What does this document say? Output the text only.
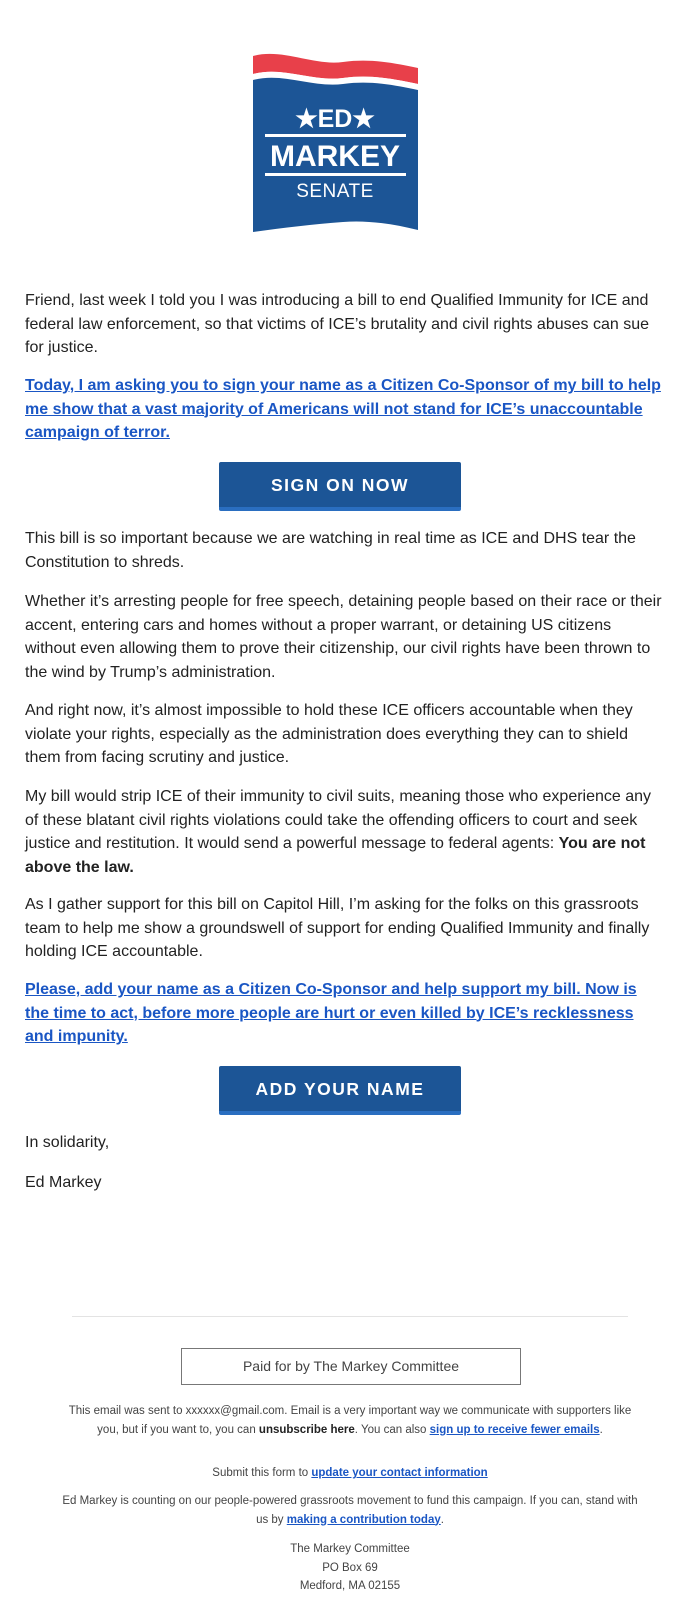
★ED★
MARKEY
SENATE

Friend, last week I told you I was introducing a bill to end Qualified Immunity for ICE and federal law enforcement, so that victims of ICE’s brutality and civil rights abuses can sue for justice.

Today, I am asking you to sign your name as a Citizen Co-Sponsor of my bill to help me show that a vast majority of Americans will not stand for ICE’s unaccountable campaign of terror.
SIGN ON NOW

This bill is so important because we are watching in real time as ICE and DHS tear the Constitution to shreds.

Whether it’s arresting people for free speech, detaining people based on their race or their accent, entering cars and homes without a proper warrant, or detaining US citizens without even allowing them to prove their citizenship, our civil rights have been thrown to the wind by Trump’s administration.

And right now, it’s almost impossible to hold these ICE officers accountable when they violate your rights, especially as the administration does everything they can to shield them from facing scrutiny and justice.

My bill would strip ICE of their immunity to civil suits, meaning those who experience any of these blatant civil rights violations could take the offending officers to court and seek justice and restitution. It would send a powerful message to federal agents: You are not above the law.

As I gather support for this bill on Capitol Hill, I’m asking for the folks on this grassroots team to help me show a groundswell of support for ending Qualified Immunity and finally holding ICE accountable.

Please, add your name as a Citizen Co-Sponsor and help support my bill. Now is the time to act, before more people are hurt or even killed by ICE’s recklessness and impunity.
ADD YOUR NAME

In solidarity,

Ed Markey

Paid for by The Markey Committee

This email was sent to xxxxxx@gmail.com. Email is a very important way we communicate with supporters like you, but if you want to, you can unsubscribe here. You can also sign up to receive fewer emails.

Submit this form to update your contact information

Ed Markey is counting on our people-powered grassroots movement to fund this campaign. If you can, stand with us by making a contribution today.

The Markey Committee
PO Box 69
Medford, MA 02155
